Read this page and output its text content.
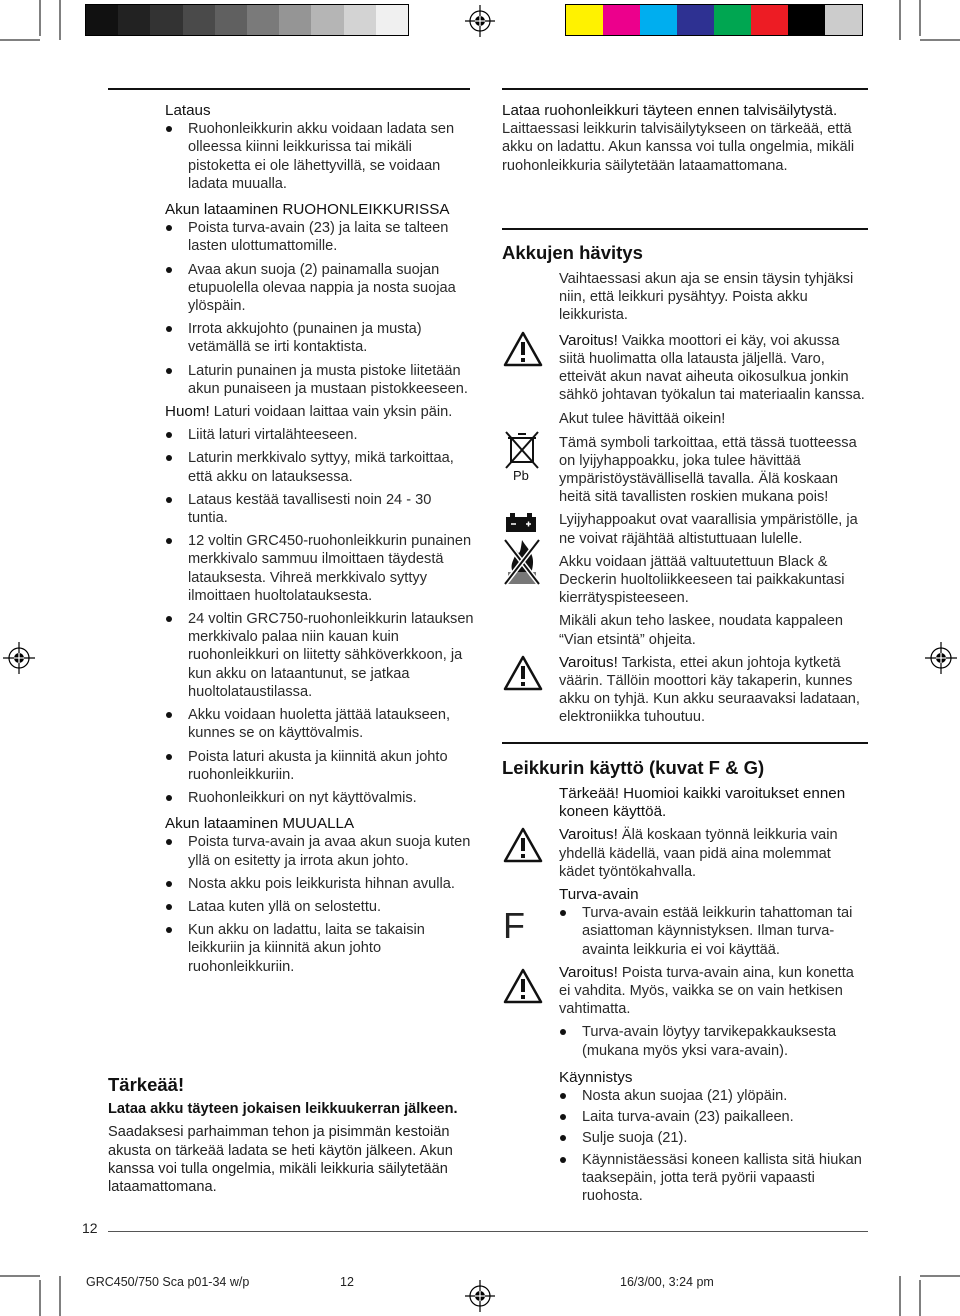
Lataus

Ruohonleikkurin akku voidaan ladata sen olleessa kiinni leikkurissa tai mikäli pistoketta ei ole lähettyvillä, se voidaan ladata muualla.

Akun lataaminen RUOHONLEIKKURISSA

Poista turva-avain (23) ja laita se talteen lasten ulottumattomille.

Avaa akun suoja (2) painamalla suojan etupuolella olevaa nappia ja nosta suojaa ylöspäin.

Irrota akkujohto (punainen ja musta) vetämällä se irti kontaktista.

Laturin punainen ja musta pistoke liitetään akun punaiseen ja mustaan pistokkeeseen.

Huom! Laturi voidaan laittaa vain yksin päin.

Liitä laturi virtalähteeseen.

Laturin merkkivalo syttyy, mikä tarkoittaa, että akku on latauksessa.

Lataus kestää tavallisesti noin 24 - 30 tuntia.

12 voltin GRC450-ruohonleikkurin punainen merkkivalo sammuu ilmoittaen täydestä latauksesta. Vihreä merkkivalo syttyy ilmoittaen huoltolatauksesta.

24 voltin GRC750-ruohonleikkurin latauksen merkkivalo palaa niin kauan kuin ruohonleikkuri on liitetty sähköverkkoon, ja kun akku on lataantunut, se jatkaa huoltolataustilassa.

Akku voidaan huoletta jättää lataukseen, kunnes se on käyttövalmis.

Poista laturi akusta ja kiinnitä akun johto ruohonleikkuriin.

Ruohonleikkuri on nyt käyttövalmis.

Akun lataaminen MUUALLA

Poista turva-avain ja avaa akun suoja kuten yllä on esitetty ja irrota akun johto.

Nosta akku pois leikkurista hihnan avulla.

Lataa kuten yllä on selostettu.

Kun akku on ladattu, laita se takaisin leikkuriin ja kiinnitä akun johto ruohonleikkuriin.

Tärkeää!

Lataa akku täyteen jokaisen leikkuukerran jälkeen.

Saadaksesi parhaimman tehon ja pisimmän kestoiän akusta on tärkeää ladata se heti käytön jälkeen. Akun kanssa voi tulla ongelmia, mikäli leikkuria säilytetään lataamattomana.

12

Lataa ruohonleikkuri täyteen ennen talvisäilytystä.

Laittaessasi leikkurin talvisäilytykseen on tärkeää, että akku on ladattu. Akun kanssa voi tulla ongelmia, mikäli ruohonleikkuria säilytetään lataamattomana.

Akkujen hävitys

Vaihtaessasi akun aja se ensin täysin tyhjäksi niin, että leikkuri pysähtyy. Poista akku leikkurista.

Varoitus! Vaikka moottori ei käy, voi akussa siitä huolimatta olla latausta jäljellä. Varo, etteivät akun navat aiheuta oikosulkua jonkin sähkö johtavan työkalun tai materiaalin kanssa.

Akut tulee hävittää oikein!

Tämä symboli tarkoittaa, että tässä tuotteessa on lyijyhappoakku, joka tulee hävittää ympäristöystävällisellä tavalla. Älä koskaan heitä sitä tavallisten roskien mukana pois!

Lyijyhappoakut ovat vaarallisia ympäristölle, ja ne voivat räjähtää altistuttuaan lulelle.

Akku voidaan jättää valtuutettuun Black & Deckerin huoltoliikkeeseen tai paikkakuntasi kierrätyspisteeseen.

Mikäli akun teho laskee, noudata kappaleen “Vian etsintä” ohjeita.

Varoitus! Tarkista, ettei akun johtoja kytketä väärin. Tällöin moottori käy takaperin, kunnes akku on tyhjä. Kun akku seuraavaksi ladataan, elektroniikka tuhoutuu.

Pb

Leikkurin käyttö (kuvat F & G)

Tärkeää! Huomioi kaikki varoitukset ennen koneen käyttöä.

Varoitus! Älä koskaan työnnä leikkuria vain yhdellä kädellä, vaan pidä aina molemmat kädet työntökahvalla.

Turva-avain

Turva-avain estää leikkurin tahattoman tai asiattoman käynnistyksen. Ilman turva-avainta leikkuria ei voi käyttää.

Varoitus! Poista turva-avain aina, kun konetta ei vahdita. Myös, vaikka se on vain hetkisen vahtimatta.

Turva-avain löytyy tarvikepakkauksesta (mukana myös yksi vara-avain).

Käynnistys

Nosta akun suojaa (21) ylöpäin.

Laita turva-avain (23) paikalleen.

Sulje suoja (21).

Käynnistäessäsi koneen kallista sitä hiukan taaksepäin, jotta terä pyörii vapaasti ruohosta.

F
GRC450/750 Sca p01-34 w/p	12	16/3/00, 3:24 pm
